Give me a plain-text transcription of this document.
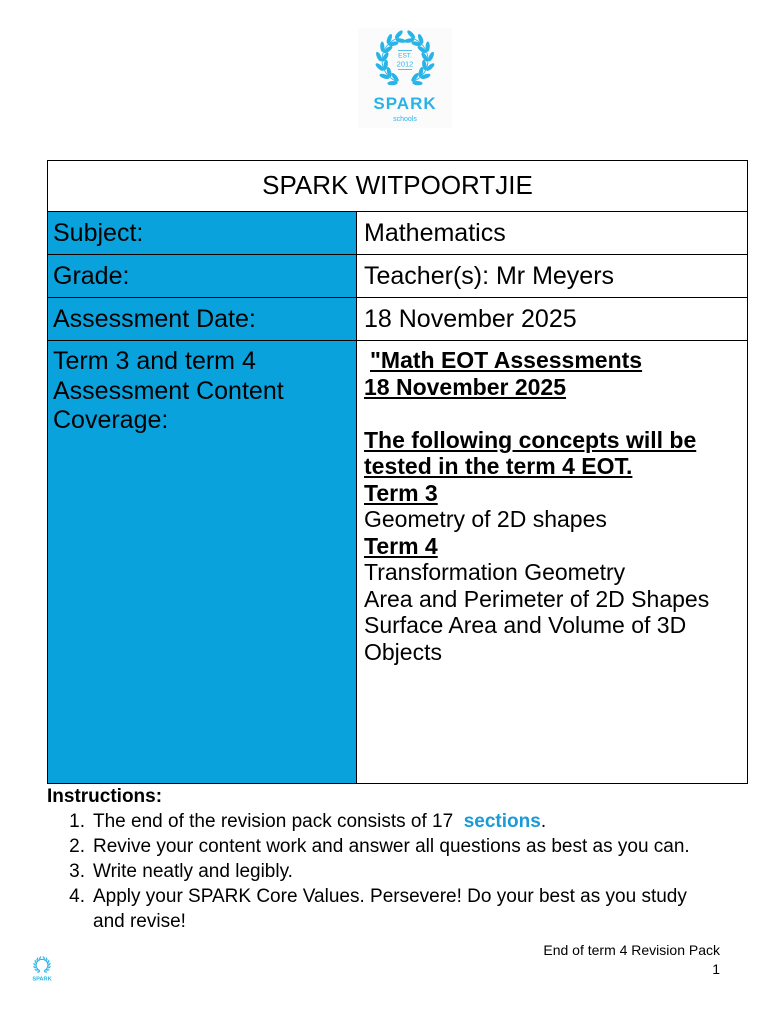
EST.
2012
SPARK
schools
SPARK WITPOORTJIE
Subject:	Mathematics
Grade:	Teacher(s): Mr Meyers
Assessment Date:	18 November 2025
Term 3 and term 4 Assessment Content Coverage:
"Math EOT Assessments
18 November 2025
The following concepts will be tested in the term 4 EOT.
Term 3
Geometry of 2D shapes
Term 4
Transformation Geometry
Area and Perimeter of 2D Shapes
Surface Area and Volume of 3D Objects
Instructions:
1. The end of the revision pack consists of 17  sections.
2. Revive your content work and answer all questions as best as you can.
3. Write neatly and legibly.
4. Apply your SPARK Core Values. Persevere! Do your best as you study and revise!
SPARK
End of term 4 Revision Pack
1
